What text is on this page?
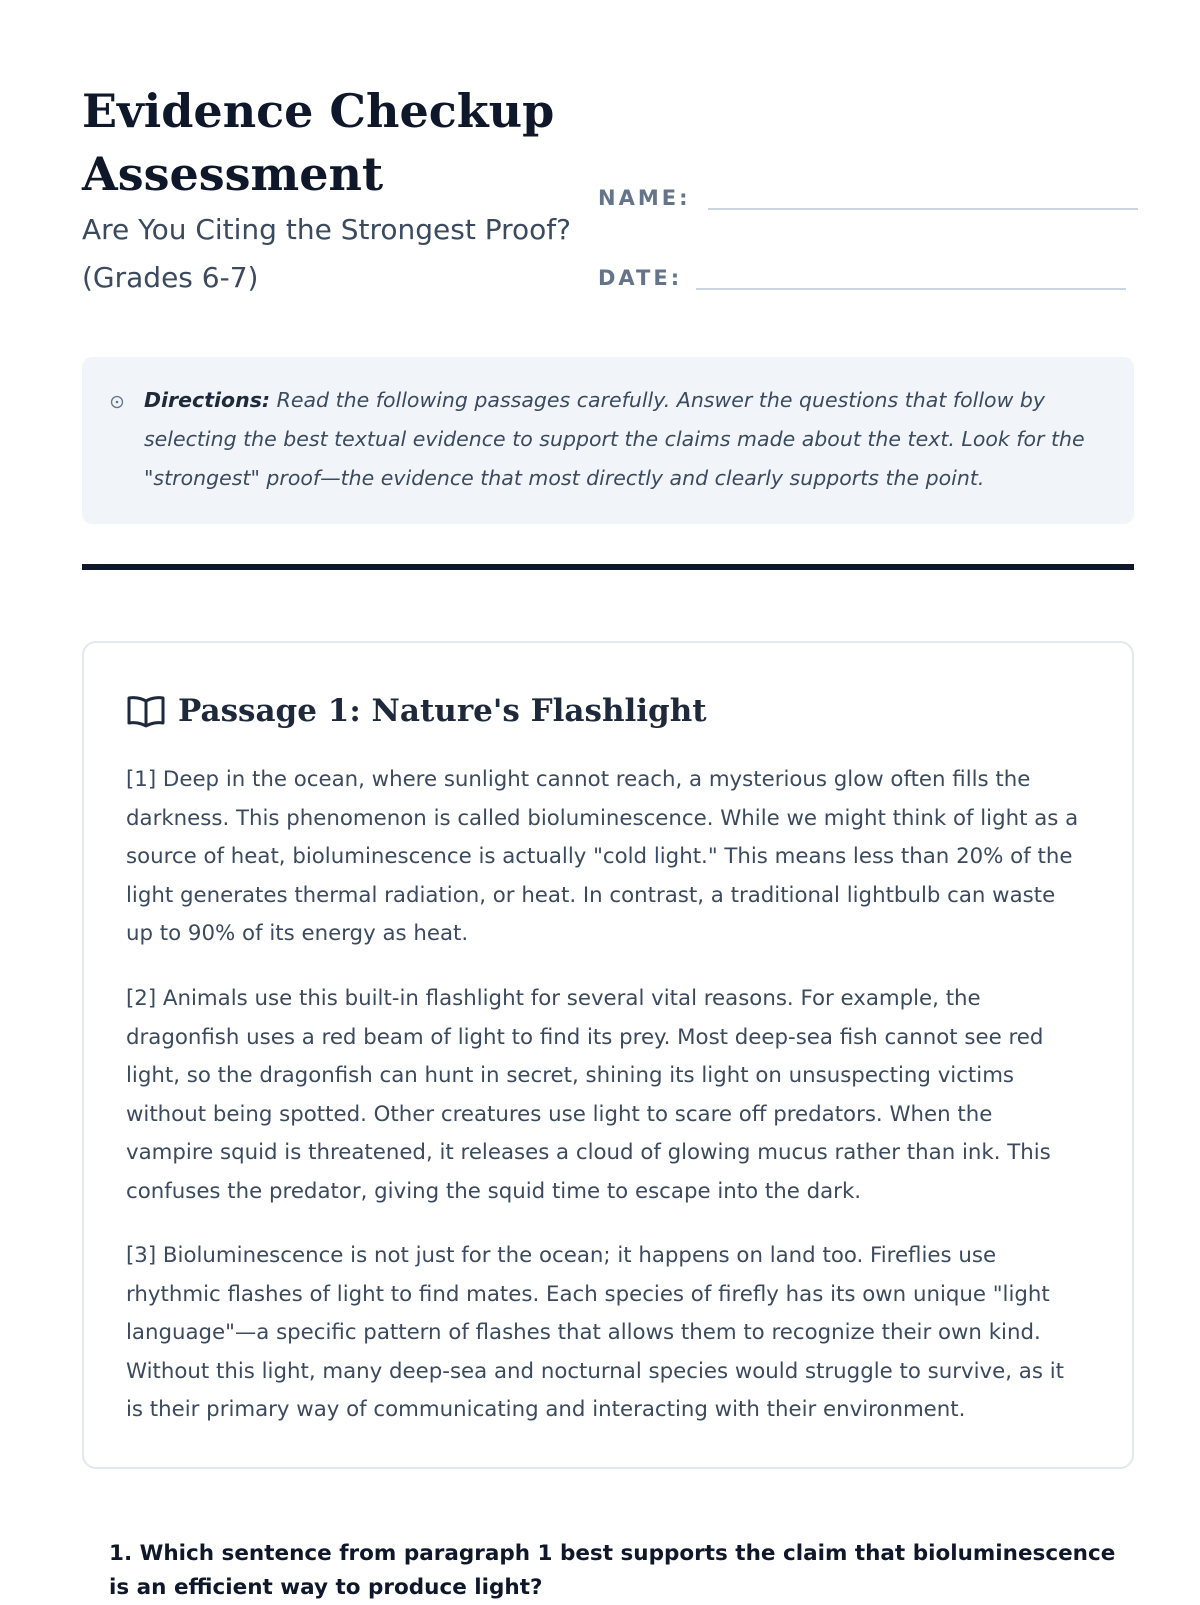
Evidence Checkup Assessment

Are You Citing the Strongest Proof? (Grades 6-7)

NAME:
DATE:
Directions: Read the following passages carefully. Answer the questions that follow by selecting the best textual evidence to support the claims made about the text. Look for the "strongest" proof—the evidence that most directly and clearly supports the point.
Passage 1: Nature's Flashlight

[1] Deep in the ocean, where sunlight cannot reach, a mysterious glow often fills the darkness. This phenomenon is called bioluminescence. While we might think of light as a source of heat, bioluminescence is actually "cold light." This means less than 20% of the light generates thermal radiation, or heat. In contrast, a traditional lightbulb can waste up to 90% of its energy as heat.

[2] Animals use this built-in flashlight for several vital reasons. For example, the dragonfish uses a red beam of light to find its prey. Most deep-sea fish cannot see red light, so the dragonfish can hunt in secret, shining its light on unsuspecting victims without being spotted. Other creatures use light to scare off predators. When the vampire squid is threatened, it releases a cloud of glowing mucus rather than ink. This confuses the predator, giving the squid time to escape into the dark.

[3] Bioluminescence is not just for the ocean; it happens on land too. Fireflies use rhythmic flashes of light to find mates. Each species of firefly has its own unique "light language"—a specific pattern of flashes that allows them to recognize their own kind. Without this light, many deep-sea and nocturnal species would struggle to survive, as it is their primary way of communicating and interacting with their environment.

1. Which sentence from paragraph 1 best supports the claim that bioluminescence is an efficient way to produce light?
